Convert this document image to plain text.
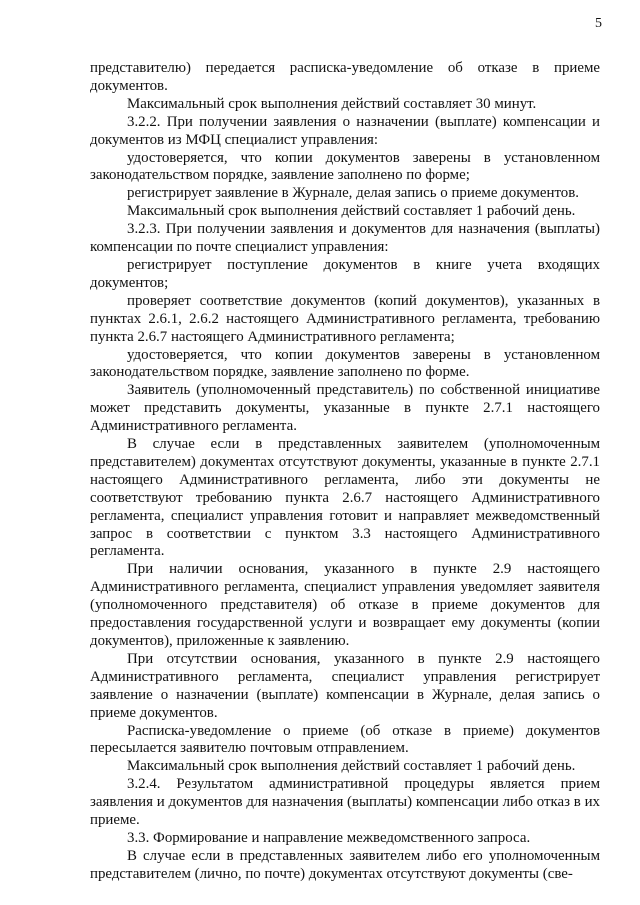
5

представителю) передается расписка-уведомление об отказе в приеме документов.

Максимальный срок выполнения действий составляет 30 минут.

3.2.2. При получении заявления о назначении (выплате) компенсации и документов из МФЦ специалист управления:

удостоверяется, что копии документов заверены в установленном законодательством порядке, заявление заполнено по форме;

регистрирует заявление в Журнале, делая запись о приеме документов.

Максимальный срок выполнения действий составляет 1 рабочий день.

3.2.3. При получении заявления и документов для назначения (выплаты) компенсации по почте специалист управления:

регистрирует поступление документов в книге учета входящих документов;

проверяет соответствие документов (копий документов), указанных в пунктах 2.6.1, 2.6.2 настоящего Административного регламента, требованию пункта 2.6.7 настоящего Административного регламента;

удостоверяется, что копии документов заверены в установленном законодательством порядке, заявление заполнено по форме.

Заявитель (уполномоченный представитель) по собственной инициативе может представить документы, указанные в пункте 2.7.1 настоящего Административного регламента.

В случае если в представленных заявителем (уполномоченным представителем) документах отсутствуют документы, указанные в пункте 2.7.1 настоящего Административного регламента, либо эти документы не соответствуют требованию пункта 2.6.7 настоящего Административного регламента, специалист управления готовит и направляет межведомственный запрос в соответствии с пунктом 3.3 настоящего Административного регламента.

При наличии основания, указанного в пункте 2.9 настоящего Административного регламента, специалист управления уведомляет заявителя (уполномоченного представителя) об отказе в приеме документов для предоставления государственной услуги и возвращает ему документы (копии документов), приложенные к заявлению.

При отсутствии основания, указанного в пункте 2.9 настоящего Административного регламента, специалист управления регистрирует заявление о назначении (выплате) компенсации в Журнале, делая запись о приеме документов.

Расписка-уведомление о приеме (об отказе в приеме) документов пересылается заявителю почтовым отправлением.

Максимальный срок выполнения действий составляет 1 рабочий день.

3.2.4. Результатом административной процедуры является прием заявления и документов для назначения (выплаты) компенсации либо отказ в их приеме.

3.3. Формирование и направление межведомственного запроса.

В случае если в представленных заявителем либо его уполномоченным представителем (лично, по почте) документах отсутствуют документы (све-
